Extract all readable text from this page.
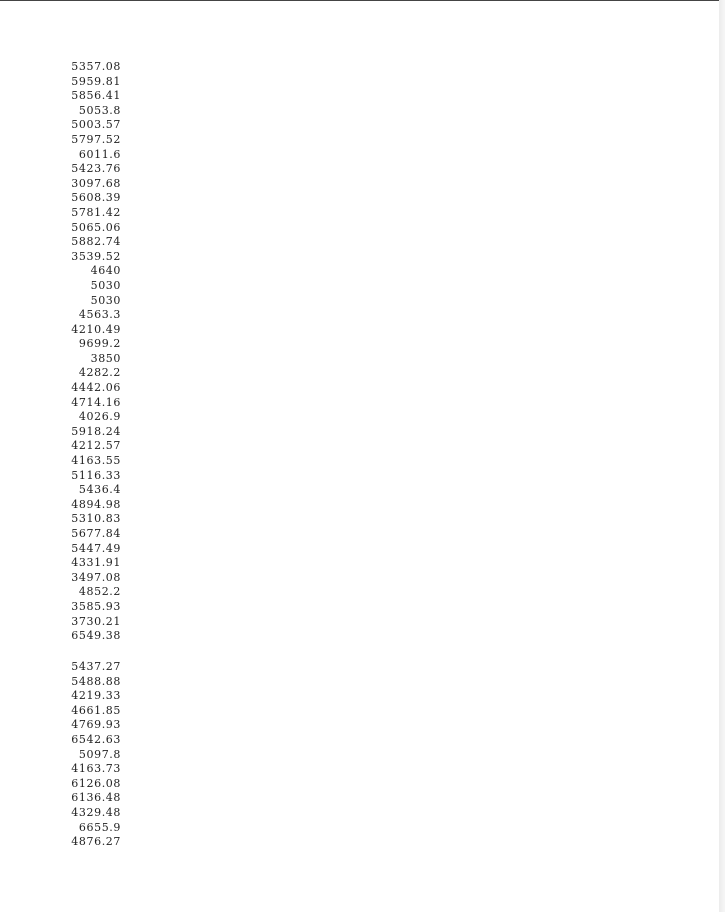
5357.08
5959.81
5856.41
5053.8
5003.57
5797.52
6011.6
5423.76
3097.68
5608.39
5781.42
5065.06
5882.74
3539.52
4640
5030
5030
4563.3
4210.49
9699.2
3850
4282.2
4442.06
4714.16
4026.9
5918.24
4212.57
4163.55
5116.33
5436.4
4894.98
5310.83
5677.84
5447.49
4331.91
3497.08
4852.2
3585.93
3730.21
6549.38
5437.27
5488.88
4219.33
4661.85
4769.93
6542.63
5097.8
4163.73
6126.08
6136.48
4329.48
6655.9
4876.27
